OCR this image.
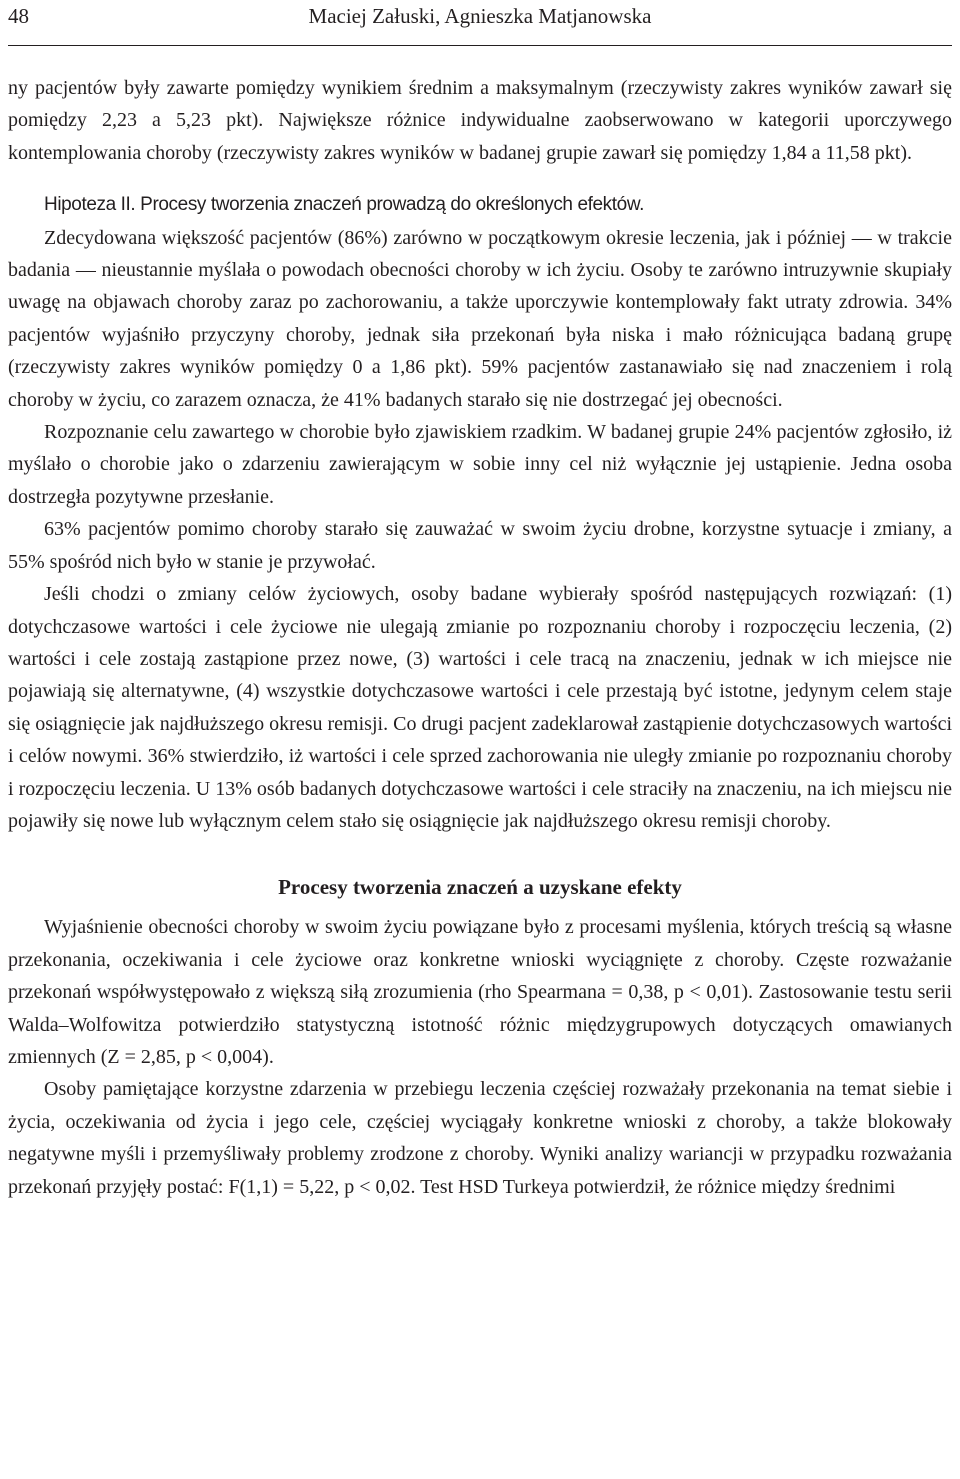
48	Maciej Załuski, Agnieszka Matjanowska

ny pacjentów były zawarte pomiędzy wynikiem średnim a maksymalnym (rzeczywisty zakres wyników zawarł się pomiędzy 2,23 a 5,23 pkt). Największe różnice indywidualne zaobserwowano w kategorii uporczywego kontemplowania choroby (rzeczywisty zakres wyników w badanej grupie zawarł się pomiędzy 1,84 a 11,58 pkt).

Hipoteza II. Procesy tworzenia znaczeń prowadzą do określonych efektów.

Zdecydowana większość pacjentów (86%) zarówno w początkowym okresie leczenia, jak i później — w trakcie badania — nieustannie myślała o powodach obecności choroby w ich życiu. Osoby te zarówno intruzywnie skupiały uwagę na objawach choroby zaraz po zachorowaniu, a także uporczywie kontemplowały fakt utraty zdrowia. 34% pacjentów wyjaśniło przyczyny choroby, jednak siła przekonań była niska i mało różnicująca badaną grupę (rzeczywisty zakres wyników pomiędzy 0 a 1,86 pkt). 59% pacjentów zastanawiało się nad znaczeniem i rolą choroby w życiu, co zarazem oznacza, że 41% badanych starało się nie dostrzegać jej obecności.

Rozpoznanie celu zawartego w chorobie było zjawiskiem rzadkim. W badanej grupie 24% pacjentów zgłosiło, iż myślało o chorobie jako o zdarzeniu zawierającym w sobie inny cel niż wyłącznie jej ustąpienie. Jedna osoba dostrzegła pozytywne przesłanie.

63% pacjentów pomimo choroby starało się zauważać w swoim życiu drobne, korzystne sytuacje i zmiany, a 55% spośród nich było w stanie je przywołać.

Jeśli chodzi o zmiany celów życiowych, osoby badane wybierały spośród następujących rozwiązań: (1) dotychczasowe wartości i cele życiowe nie ulegają zmianie po rozpoznaniu choroby i rozpoczęciu leczenia, (2) wartości i cele zostają zastąpione przez nowe, (3) wartości i cele tracą na znaczeniu, jednak w ich miejsce nie pojawiają się alternatywne, (4) wszystkie dotychczasowe wartości i cele przestają być istotne, jedynym celem staje się osiągnięcie jak najdłuższego okresu remisji. Co drugi pacjent zadeklarował zastąpienie dotychczasowych wartości i celów nowymi. 36% stwierdziło, iż wartości i cele sprzed zachorowania nie uległy zmianie po rozpoznaniu choroby i rozpoczęciu leczenia. U 13% osób badanych dotychczasowe wartości i cele straciły na znaczeniu, na ich miejscu nie pojawiły się nowe lub wyłącznym celem stało się osiągnięcie jak najdłuższego okresu remisji choroby.

Procesy tworzenia znaczeń a uzyskane efekty

Wyjaśnienie obecności choroby w swoim życiu powiązane było z procesami myślenia, których treścią są własne przekonania, oczekiwania i cele życiowe oraz konkretne wnioski wyciągnięte z choroby. Częste rozważanie przekonań współwystępowało z większą siłą zrozumienia (rho Spearmana = 0,38, p < 0,01). Zastosowanie testu serii Walda–Wolfowitza potwierdziło statystyczną istotność różnic międzygrupowych dotyczących omawianych zmiennych (Z = 2,85, p < 0,004).

Osoby pamiętające korzystne zdarzenia w przebiegu leczenia częściej rozważały przekonania na temat siebie i życia, oczekiwania od życia i jego cele, częściej wyciągały konkretne wnioski z choroby, a także blokowały negatywne myśli i przemyśliwały problemy zrodzone z choroby. Wyniki analizy wariancji w przypadku rozważania przekonań przyjęły postać: F(1,1) = 5,22, p < 0,02. Test HSD Turkeya potwierdził, że różnice między średnimi
